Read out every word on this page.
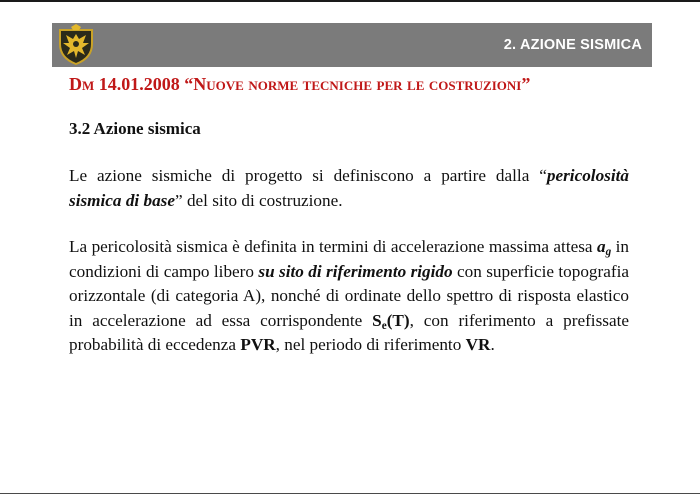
2. AZIONE SISMICA
Dm 14.01.2008 “Nuove norme tecniche per le costruzioni”
3.2 Azione sismica
Le azione sismiche di progetto si definiscono a partire dalla “pericolosità sismica di base” del sito di costruzione.
La pericolosità sismica è definita in termini di accelerazione massima attesa $a_g$ in condizioni di campo libero su sito di riferimento rigido con superficie topografia orizzontale (di categoria A), nonché di ordinate dello spettro di risposta elastico in accelerazione ad essa corrispondente $S_e(T)$, con riferimento a prefissate probabilità di eccedenza PVR, nel periodo di riferimento VR.
